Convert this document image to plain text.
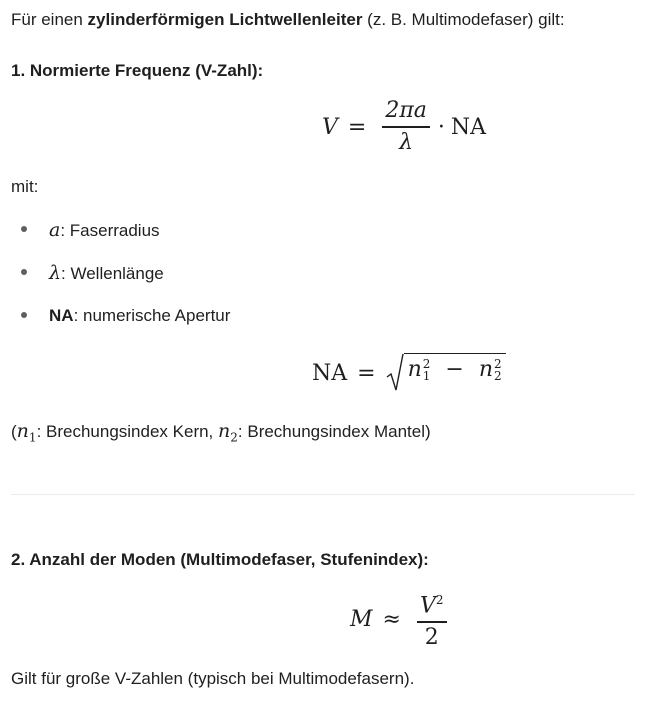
Für einen zylinderförmigen Lichtwellenleiter (z. B. Multimodefaser) gilt:
1. Normierte Frequenz (V-Zahl):
$V = \frac{2\pi a}{\lambda}$ · NA
mit:
a: Faserradius
λ: Wellenlänge
NA: numerische Apertur
NA = n 2
1 − n 2
2
($n_1$: Brechungsindex Kern, $n_2$: Brechungsindex Mantel)
2. Anzahl der Moden (Multimodefaser, Stufenindex):
$M \approx \frac{V^2}{2}$
Gilt für große V-Zahlen (typisch bei Multimodefasern).
